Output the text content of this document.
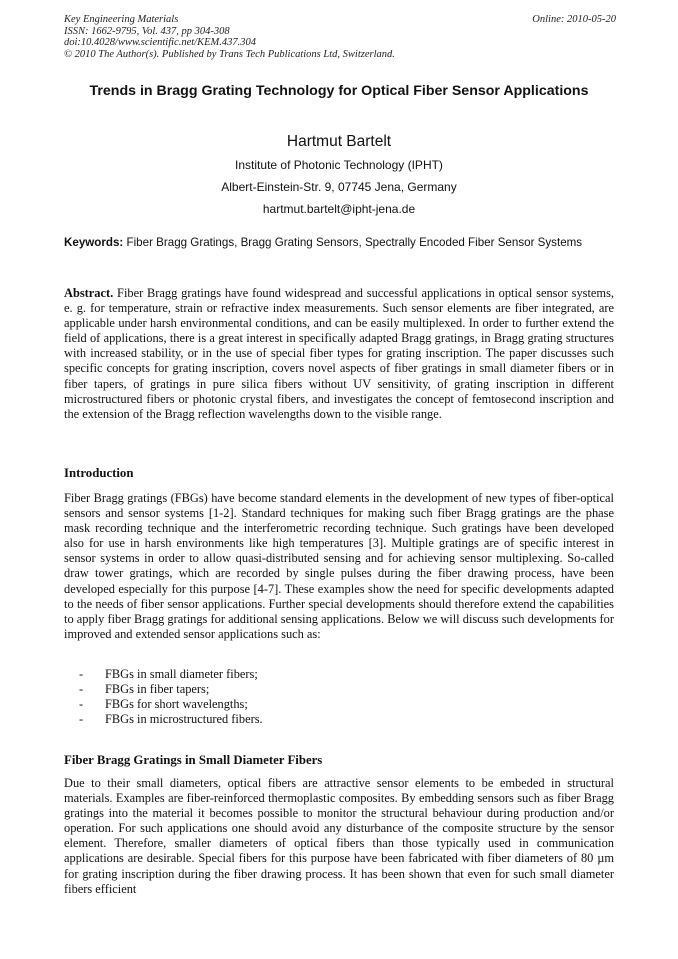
Key Engineering Materials
ISSN: 1662-9795, Vol. 437, pp 304-308
doi:10.4028/www.scientific.net/KEM.437.304
© 2010 The Author(s). Published by Trans Tech Publications Ltd, Switzerland.
Online: 2010-05-20
Trends in Bragg Grating Technology for Optical Fiber Sensor Applications
Hartmut Bartelt
Institute of Photonic Technology (IPHT)
Albert-Einstein-Str. 9, 07745 Jena, Germany
hartmut.bartelt@ipht-jena.de
Keywords: Fiber Bragg Gratings, Bragg Grating Sensors, Spectrally Encoded Fiber Sensor Systems
Abstract. Fiber Bragg gratings have found widespread and successful applications in optical sensor systems, e. g. for temperature, strain or refractive index measurements. Such sensor elements are fiber integrated, are applicable under harsh environmental conditions, and can be easily multiplexed. In order to further extend the field of applications, there is a great interest in specifically adapted Bragg gratings, in Bragg grating structures with increased stability, or in the use of special fiber types for grating inscription. The paper discusses such specific concepts for grating inscription, covers novel aspects of fiber gratings in small diameter fibers or in fiber tapers, of gratings in pure silica fibers without UV sensitivity, of grating inscription in different microstructured fibers or photonic crystal fibers, and investigates the concept of femtosecond inscription and the extension of the Bragg reflection wavelengths down to the visible range.
Introduction
Fiber Bragg gratings (FBGs) have become standard elements in the development of new types of fiber-optical sensors and sensor systems [1-2]. Standard techniques for making such fiber Bragg gratings are the phase mask recording technique and the interferometric recording technique. Such gratings have been developed also for use in harsh environments like high temperatures [3]. Multiple gratings are of specific interest in sensor systems in order to allow quasi-distributed sensing and for achieving sensor multiplexing. So-called draw tower gratings, which are recorded by single pulses during the fiber drawing process, have been developed especially for this purpose [4-7]. These examples show the need for specific developments adapted to the needs of fiber sensor applications. Further special developments should therefore extend the capabilities to apply fiber Bragg gratings for additional sensing applications. Below we will discuss such developments for improved and extended sensor applications such as:
- FBGs in small diameter fibers;
- FBGs in fiber tapers;
- FBGs for short wavelengths;
- FBGs in microstructured fibers.
Fiber Bragg Gratings in Small Diameter Fibers
Due to their small diameters, optical fibers are attractive sensor elements to be embeded in structural materials. Examples are fiber-reinforced thermoplastic composites. By embedding sensors such as fiber Bragg gratings into the material it becomes possible to monitor the structural behaviour during production and/or operation. For such applications one should avoid any disturbance of the composite structure by the sensor element. Therefore, smaller diameters of optical fibers than those typically used in communication applications are desirable. Special fibers for this purpose have been fabricated with fiber diameters of 80 µm for grating inscription during the fiber drawing process. It has been shown that even for such small diameter fibers efficient
